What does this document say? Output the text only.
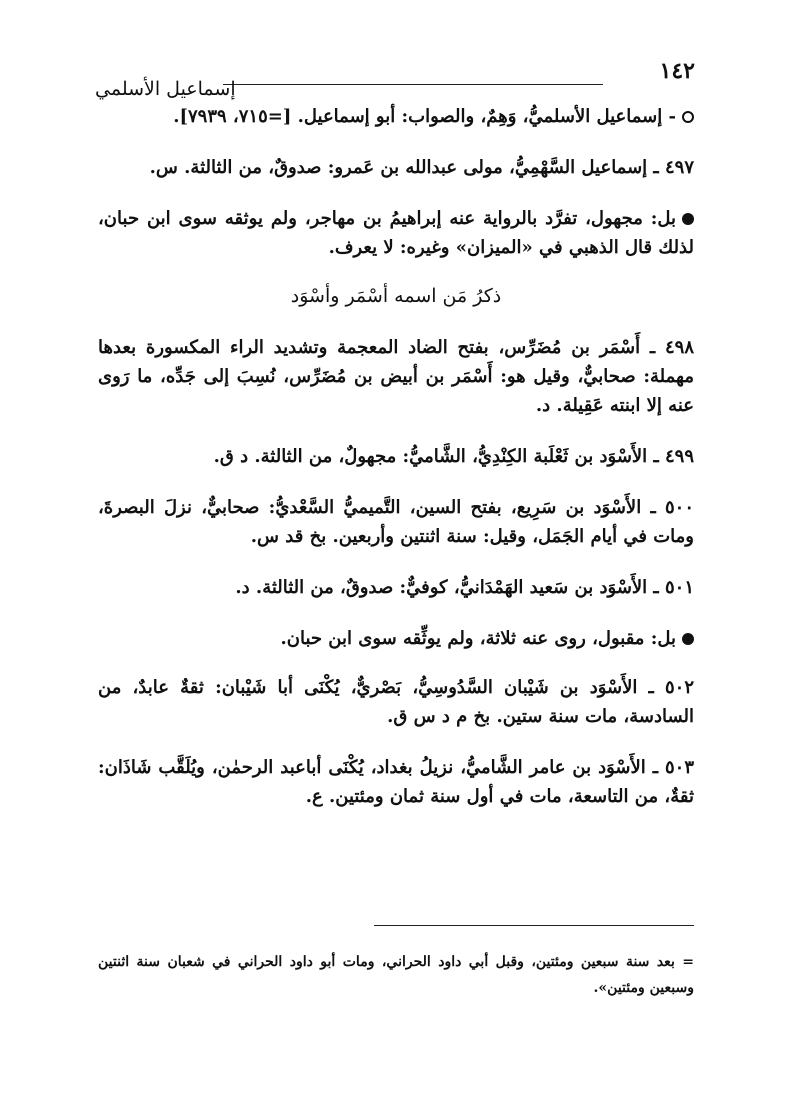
١٤٢
إسماعيل الأسلمي

- إسماعيل الأسلميُّ، وَهِمٌ، والصواب: أبو إسماعيل. [=٧١٥، ٧٩٣٩].

٤٩٧ ـ إسماعيل السَّهْمِيُّ، مولى عبدالله بن عَمرو: صدوقٌ، من الثالثة. س.

بل: مجهول، تفرَّد بالرواية عنه إبراهيمُ بن مهاجر، ولم يوثقه سوى ابن حبان، لذلك قال الذهبي في «الميزان» وغيره: لا يعرف.

ذكرُ مَن اسمه أسْمَر وأسْوَد

٤٩٨ ـ أَسْمَر بن مُضَرِّس، بفتح الضاد المعجمة وتشديد الراء المكسورة بعدها مهملة: صحابيٌّ، وقيل هو: أَسْمَر بن أبيض بن مُضَرِّس، نُسِبَ إلى جَدِّه، ما رَوى عنه إلا ابنته عَقِيلة. د.

٤٩٩ ـ الأَسْوَد بن ثَعْلَبة الكِنْدِيُّ، الشَّاميُّ: مجهولٌ، من الثالثة. د ق.

٥٠٠ ـ الأَسْوَد بن سَرِيع، بفتح السين، التَّميميُّ السَّعْديُّ: صحابيٌّ، نزلَ البصرةَ، ومات في أيام الجَمَل، وقيل: سنة اثنتين وأربعين. بخ قد س.

٥٠١ ـ الأَسْوَد بن سَعيد الهَمْدَانيُّ، كوفيٌّ: صدوقٌ، من الثالثة. د.

بل: مقبول، روى عنه ثلاثة، ولم يوثِّقه سوى ابن حبان.

٥٠٢ ـ الأَسْوَد بن شَيْبان السَّدُوسِيُّ، بَصْريٌّ، يُكْنَى أبا شَيْبان: ثقةٌ عابدٌ، من السادسة، مات سنة ستين. بخ م د س ق.

٥٠٣ ـ الأَسْوَد بن عامر الشَّاميُّ، نزيلُ بغداد، يُكْنَى أباعبد الرحمٰن، ويُلَقَّب شَاذَان: ثقةٌ، من التاسعة، مات في أول سنة ثمان ومئتين. ع.

= بعد سنة سبعين ومئتين، وقبل أبي داود الحراني، ومات أبو داود الحراني في شعبان سنة اثنتين وسبعين ومئتين».
